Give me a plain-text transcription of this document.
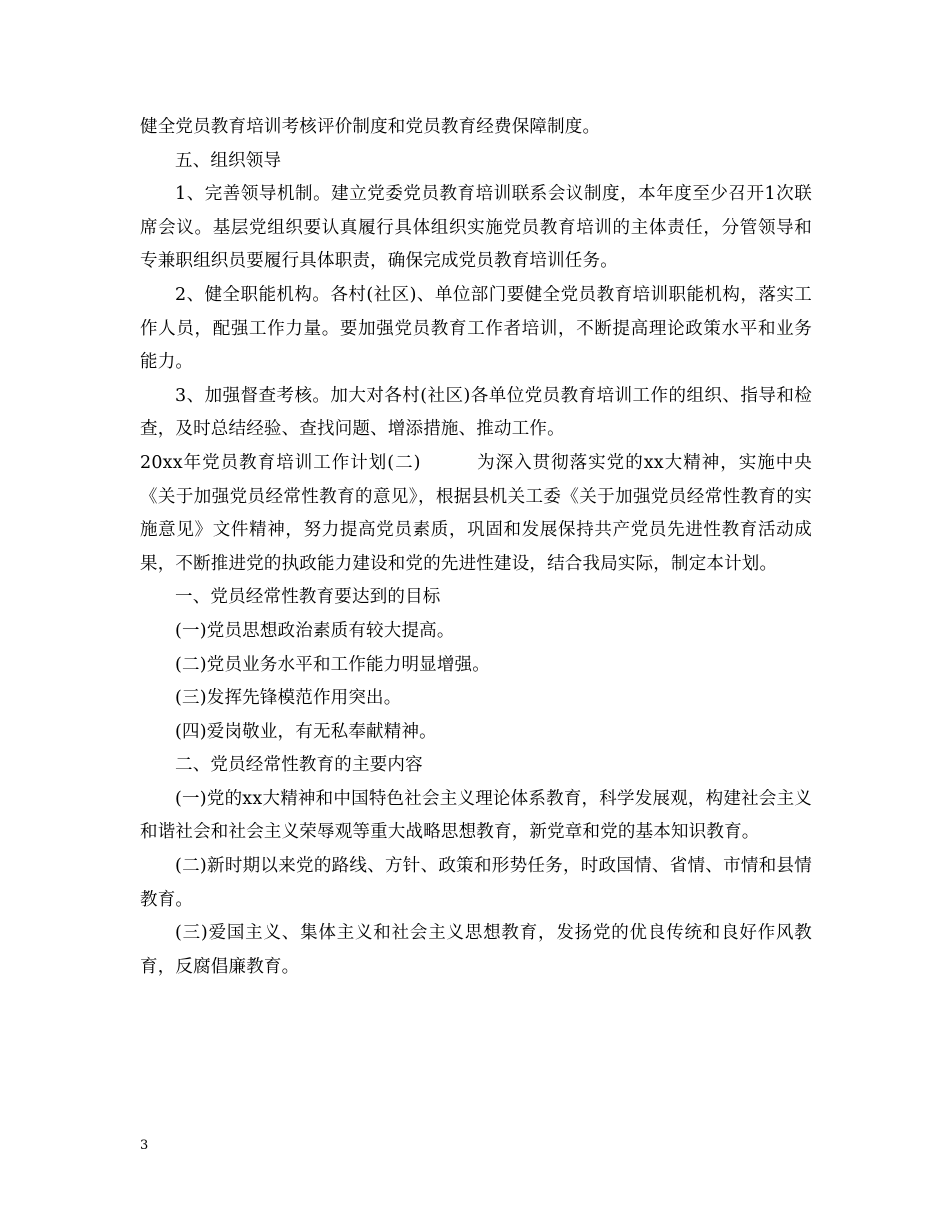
健全党员教育培训考核评价制度和党员教育经费保障制度。

五、组织领导

1、完善领导机制。建立党委党员教育培训联系会议制度，本年度至少召开1次联席会议。基层党组织要认真履行具体组织实施党员教育培训的主体责任，分管领导和专兼职组织员要履行具体职责，确保完成党员教育培训任务。

2、健全职能机构。各村(社区)、单位部门要健全党员教育培训职能机构，落实工作人员，配强工作力量。要加强党员教育工作者培训，不断提高理论政策水平和业务能力。

3、加强督查考核。加大对各村(社区)各单位党员教育培训工作的组织、指导和检查，及时总结经验、查找问题、增添措施、推动工作。

20xx年党员教育培训工作计划(二)　　　为深入贯彻落实党的xx大精神，实施中央《关于加强党员经常性教育的意见》，根据县机关工委《关于加强党员经常性教育的实施意见》文件精神，努力提高党员素质，巩固和发展保持共产党员先进性教育活动成果，不断推进党的执政能力建设和党的先进性建设，结合我局实际，制定本计划。

一、党员经常性教育要达到的目标

(一)党员思想政治素质有较大提高。

(二)党员业务水平和工作能力明显增强。

(三)发挥先锋模范作用突出。

(四)爱岗敬业，有无私奉献精神。

二、党员经常性教育的主要内容

(一)党的xx大精神和中国特色社会主义理论体系教育，科学发展观，构建社会主义和谐社会和社会主义荣辱观等重大战略思想教育，新党章和党的基本知识教育。

(二)新时期以来党的路线、方针、政策和形势任务，时政国情、省情、市情和县情教育。

(三)爱国主义、集体主义和社会主义思想教育，发扬党的优良传统和良好作风教育，反腐倡廉教育。

3
